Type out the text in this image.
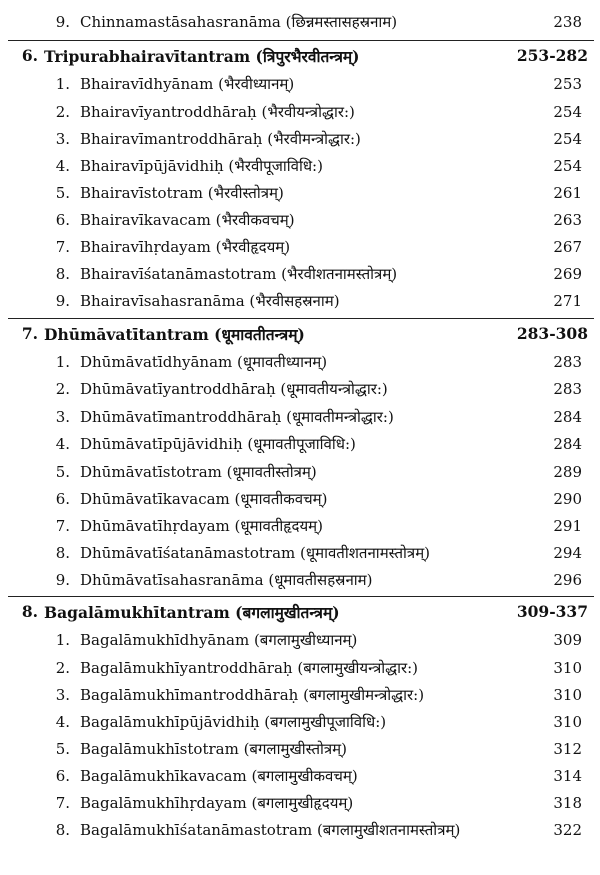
9. Chinnamastāsahasranāma (छिन्नमस्तासहस्रनाम)	238
6. Tripurabhairavītantram (त्रिपुरभैरवीतन्त्रम्)	253-282
1. Bhairavīdhyānam (भैरवीध्यानम्)	253
2. Bhairavīyantroddhāraḥ (भैरवीयन्त्रोद्धार:)	254
3. Bhairavīmantroddhāraḥ (भैरवीमन्त्रोद्धार:)	254
4. Bhairavīpūjāvidhiḥ (भैरवीपूजाविधि:)	254
5. Bhairavīstotram (भैरवीस्तोत्रम्)	261
6. Bhairavīkavacam (भैरवीकवचम्)	263
7. Bhairavīhṛdayam (भैरवीहृदयम्)	267
8. Bhairavīśatanāmastotram (भैरवीशतनामस्तोत्रम्)	269
9. Bhairavīsahasranāma (भैरवीसहस्रनाम)	271
7. Dhūmāvatītantram (धूमावतीतन्त्रम्)	283-308
1. Dhūmāvatīdhyānam (धूमावतीध्यानम्)	283
2. Dhūmāvatīyantroddhāraḥ (धूमावतीयन्त्रोद्धार:)	283
3. Dhūmāvatīmantroddhāraḥ (धूमावतीमन्त्रोद्धार:)	284
4. Dhūmāvatīpūjāvidhiḥ (धूमावतीपूजाविधि:)	284
5. Dhūmāvatīstotram (धूमावतीस्तोत्रम्)	289
6. Dhūmāvatīkavacam (धूमावतीकवचम्)	290
7. Dhūmāvatīhṛdayam (धूमावतीहृदयम्)	291
8. Dhūmāvatīśatanāmastotram (धूमावतीशतनामस्तोत्रम्)	294
9. Dhūmāvatīsahasranāma (धूमावतीसहस्रनाम)	296
8. Bagalāmukhītantram (बगलामुखीतन्त्रम्)	309-337
1. Bagalāmukhīdhyānam (बगलामुखीध्यानम्)	309
2. Bagalāmukhīyantroddhāraḥ (बगलामुखीयन्त्रोद्धार:)	310
3. Bagalāmukhīmantroddhāraḥ (बगलामुखीमन्त्रोद्धार:)	310
4. Bagalāmukhīpūjāvidhiḥ (बगलामुखीपूजाविधि:)	310
5. Bagalāmukhīstotram (बगलामुखीस्तोत्रम्)	312
6. Bagalāmukhīkavacam (बगलामुखीकवचम्)	314
7. Bagalāmukhīhṛdayam (बगलामुखीहृदयम्)	318
8. Bagalāmukhīśatanāmastotram (बगलामुखीशतनामस्तोत्रम्)	322
